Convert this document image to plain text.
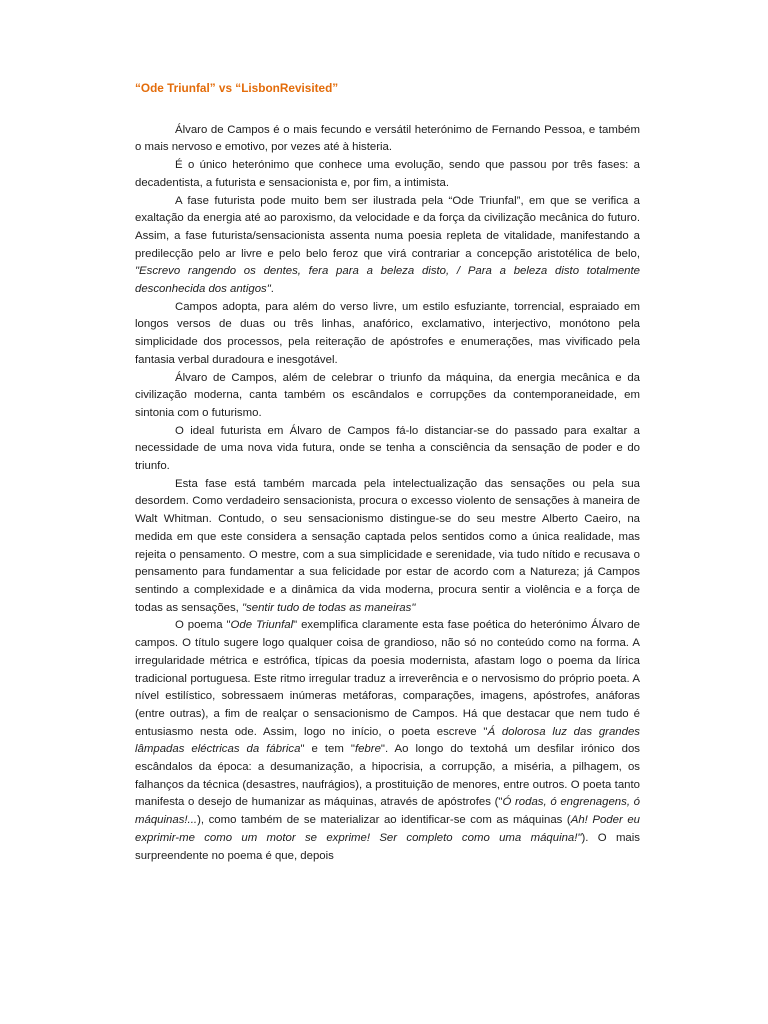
“Ode Triunfal” vs “LisbonRevisited”

Álvaro de Campos é o mais fecundo e versátil heterónimo de Fernando Pessoa, e também o mais nervoso e emotivo, por vezes até à histeria.

É o único heterónimo que conhece uma evolução, sendo que passou por três fases: a decadentista, a futurista e sensacionista e, por fim, a intimista.

A fase futurista pode muito bem ser ilustrada pela “Ode Triunfal”, em que se verifica a exaltação da energia até ao paroxismo, da velocidade e da força da civilização mecânica do futuro. Assim, a fase futurista/sensacionista assenta numa poesia repleta de vitalidade, manifestando a predilecção pelo ar livre e pelo belo feroz que virá contrariar a concepção aristotélica de belo, "Escrevo rangendo os dentes, fera para a beleza disto, / Para a beleza disto totalmente desconhecida dos antigos".

Campos adopta, para além do verso livre, um estilo esfuziante, torrencial, espraiado em longos versos de duas ou três linhas, anafórico, exclamativo, interjectivo, monótono pela simplicidade dos processos, pela reiteração de apóstrofes e enumerações, mas vivificado pela fantasia verbal duradoura e inesgotável.

Álvaro de Campos, além de celebrar o triunfo da máquina, da energia mecânica e da civilização moderna, canta também os escândalos e corrupções da contemporaneidade, em sintonia com o futurismo.

O ideal futurista em Álvaro de Campos fá-lo distanciar-se do passado para exaltar a necessidade de uma nova vida futura, onde se tenha a consciência da sensação de poder e do triunfo.

Esta fase está também marcada pela intelectualização das sensações ou pela sua desordem. Como verdadeiro sensacionista, procura o excesso violento de sensações à maneira de Walt Whitman. Contudo, o seu sensacionismo distingue-se do seu mestre Alberto Caeiro, na medida em que este considera a sensação captada pelos sentidos como a única realidade, mas rejeita o pensamento. O mestre, com a sua simplicidade e serenidade, via tudo nítido e recusava o pensamento para fundamentar a sua felicidade por estar de acordo com a Natureza; já Campos sentindo a complexidade e a dinâmica da vida moderna, procura sentir a violência e a força de todas as sensações, "sentir tudo de todas as maneiras"

O poema "Ode Triunfal" exemplifica claramente esta fase poética do heterónimo Álvaro de campos. O título sugere logo qualquer coisa de grandioso, não só no conteúdo como na forma. A irregularidade métrica e estrófica, típicas da poesia modernista, afastam logo o poema da lírica tradicional portuguesa. Este ritmo irregular traduz a irreverência e o nervosismo do próprio poeta. A nível estilístico, sobressaem inúmeras metáforas, comparações, imagens, apóstrofes, anáforas (entre outras), a fim de realçar o sensacionismo de Campos. Há que destacar que nem tudo é entusiasmo nesta ode. Assim, logo no início, o poeta escreve "Á dolorosa luz das grandes lâmpadas eléctricas da fábrica" e tem "febre". Ao longo do textohá um desfilar irónico dos escândalos da época: a desumanização, a hipocrisia, a corrupção, a miséria, a pilhagem, os falhanços da técnica (desastres, naufrágios), a prostituição de menores, entre outros. O poeta tanto manifesta o desejo de humanizar as máquinas, através de apóstrofes ("Ó rodas, ó engrenagens, ó máquinas!...), como também de se materializar ao identificar-se com as máquinas (Ah! Poder eu exprimir-me como um motor se exprime! Ser completo como uma máquina!"). O mais surpreendente no poema é que, depois
